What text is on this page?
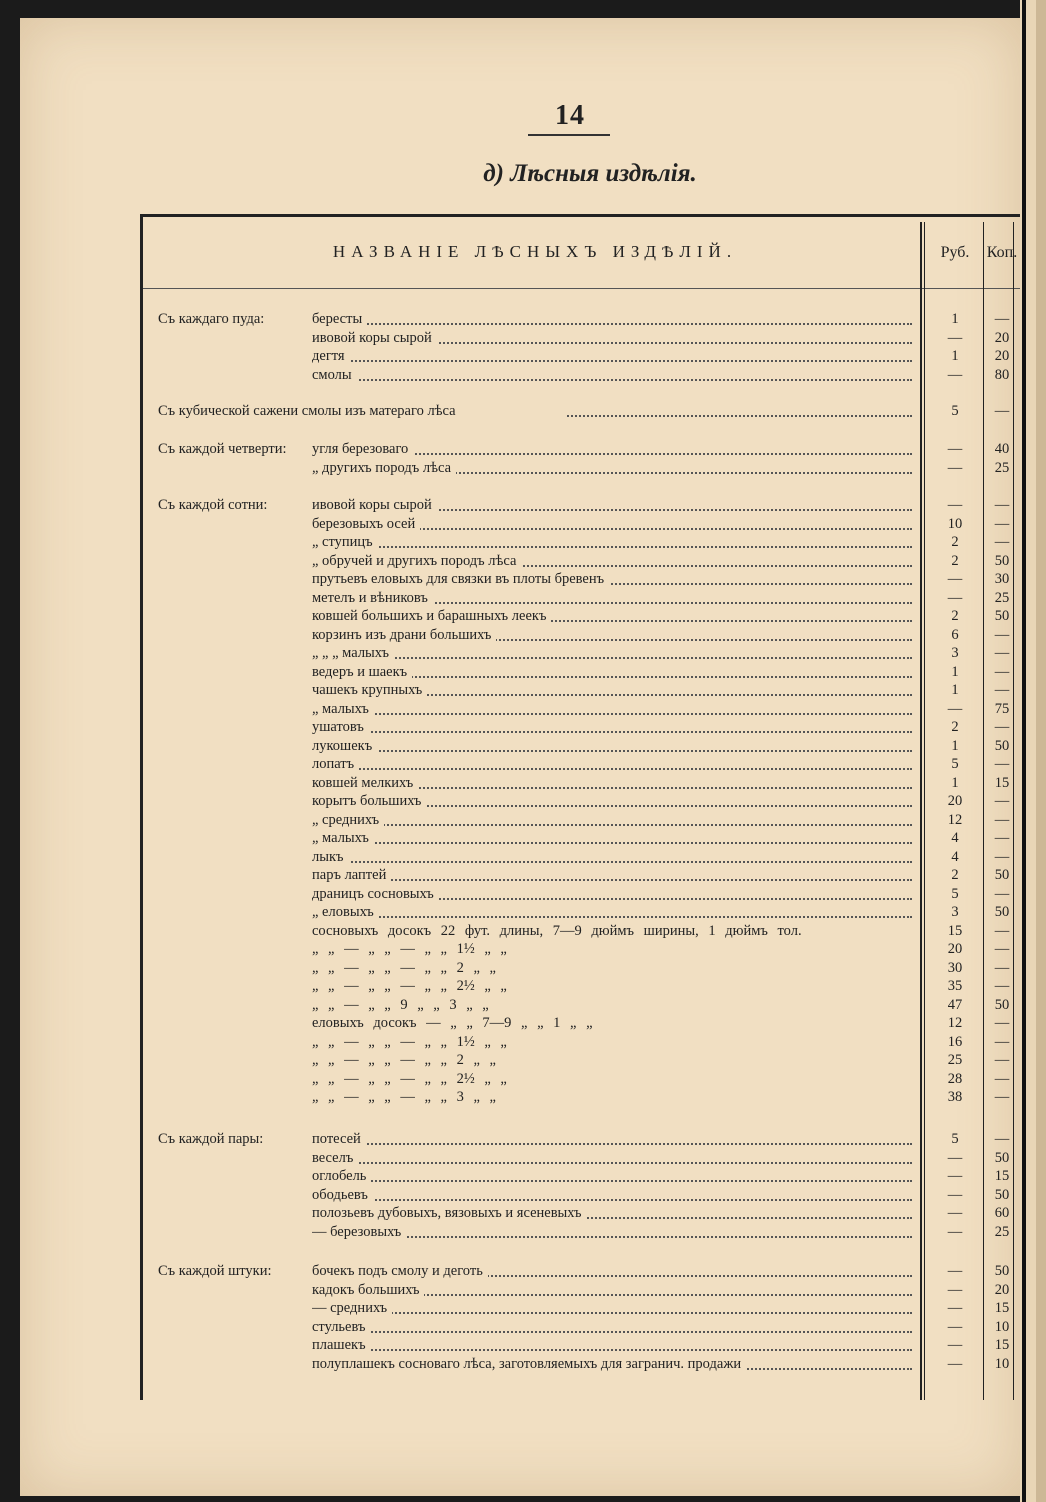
14
д) Лѣсныя издѣлія.
НАЗВАНІЕ ЛѢСНЫХЪ ИЗДѢЛІЙ.	Руб.	Коп.
Съ каждаго пуда:	бересты	1	—
ивовой коры сырой	—	20
дегтя	1	20
смолы	—	80
Съ кубической сажени смолы изъ матераго лѣса	5	—
Съ каждой четверти: угля березоваго	—	40
„ другихъ породъ лѣса	—	25
Съ каждой сотни:	ивовой коры сырой	—	—
березовыхъ осей	10	—
„ ступицъ	2	—
„ обручей и другихъ породъ лѣса	2	50
прутьевъ еловыхъ для связки въ плоты бревенъ	—	30
метелъ и вѣниковъ	—	25
ковшей большихъ и барашныхъ леекъ	2	50
корзинъ изъ драни большихъ	6	—
„ „ „ малыхъ	3	—
ведеръ и шаекъ	1	—
чашекъ крупныхъ	1	—
„ малыхъ	—	75
ушатовъ	2	—
лукошекъ	1	50
лопатъ	5	—
ковшей мелкихъ	1	15
корытъ большихъ	20	—
„ среднихъ	12	—
„ малыхъ	4	—
лыкъ	4	—
паръ лаптей	2	50
драницъ сосновыхъ	5	—
„ еловыхъ	3	50
сосновыхъ досокъ 22 фут. длины, 7—9 дюймъ ширины, 1 дюймъ тол.	15	—
„ „ — „ „ — „ „ 1½ „ „	20	—
„ „ — „ „ — „ „ 2 „ „	30	—
„ „ — „ „ — „ „ 2½ „ „	35	—
„ „ — „ „ 9 „ „ 3 „ „	47	50
еловыхъ досокъ — „ „ 7—9 „ „ 1 „ „	12	—
„ „ — „ „ — „ „ 1½ „ „	16	—
„ „ — „ „ — „ „ 2 „ „	25	—
„ „ — „ „ — „ „ 2½ „ „	28	—
„ „ — „ „ — „ „ 3 „ „	38	—
Съ каждой пары:	потесей	5	—
веселъ	—	50
оглобель	—	15
ободьевъ	—	50
полозьевъ дубовыхъ, вязовыхъ и ясеневыхъ	—	60
— березовыхъ	—	25
Съ каждой штуки:	бочекъ подъ смолу и деготь	—	50
кадокъ большихъ	—	20
— среднихъ	—	15
стульевъ	—	10
плашекъ	—	15
полуплашекъ сосноваго лѣса, заготовляемыхъ для загранич. продажи	—	10
